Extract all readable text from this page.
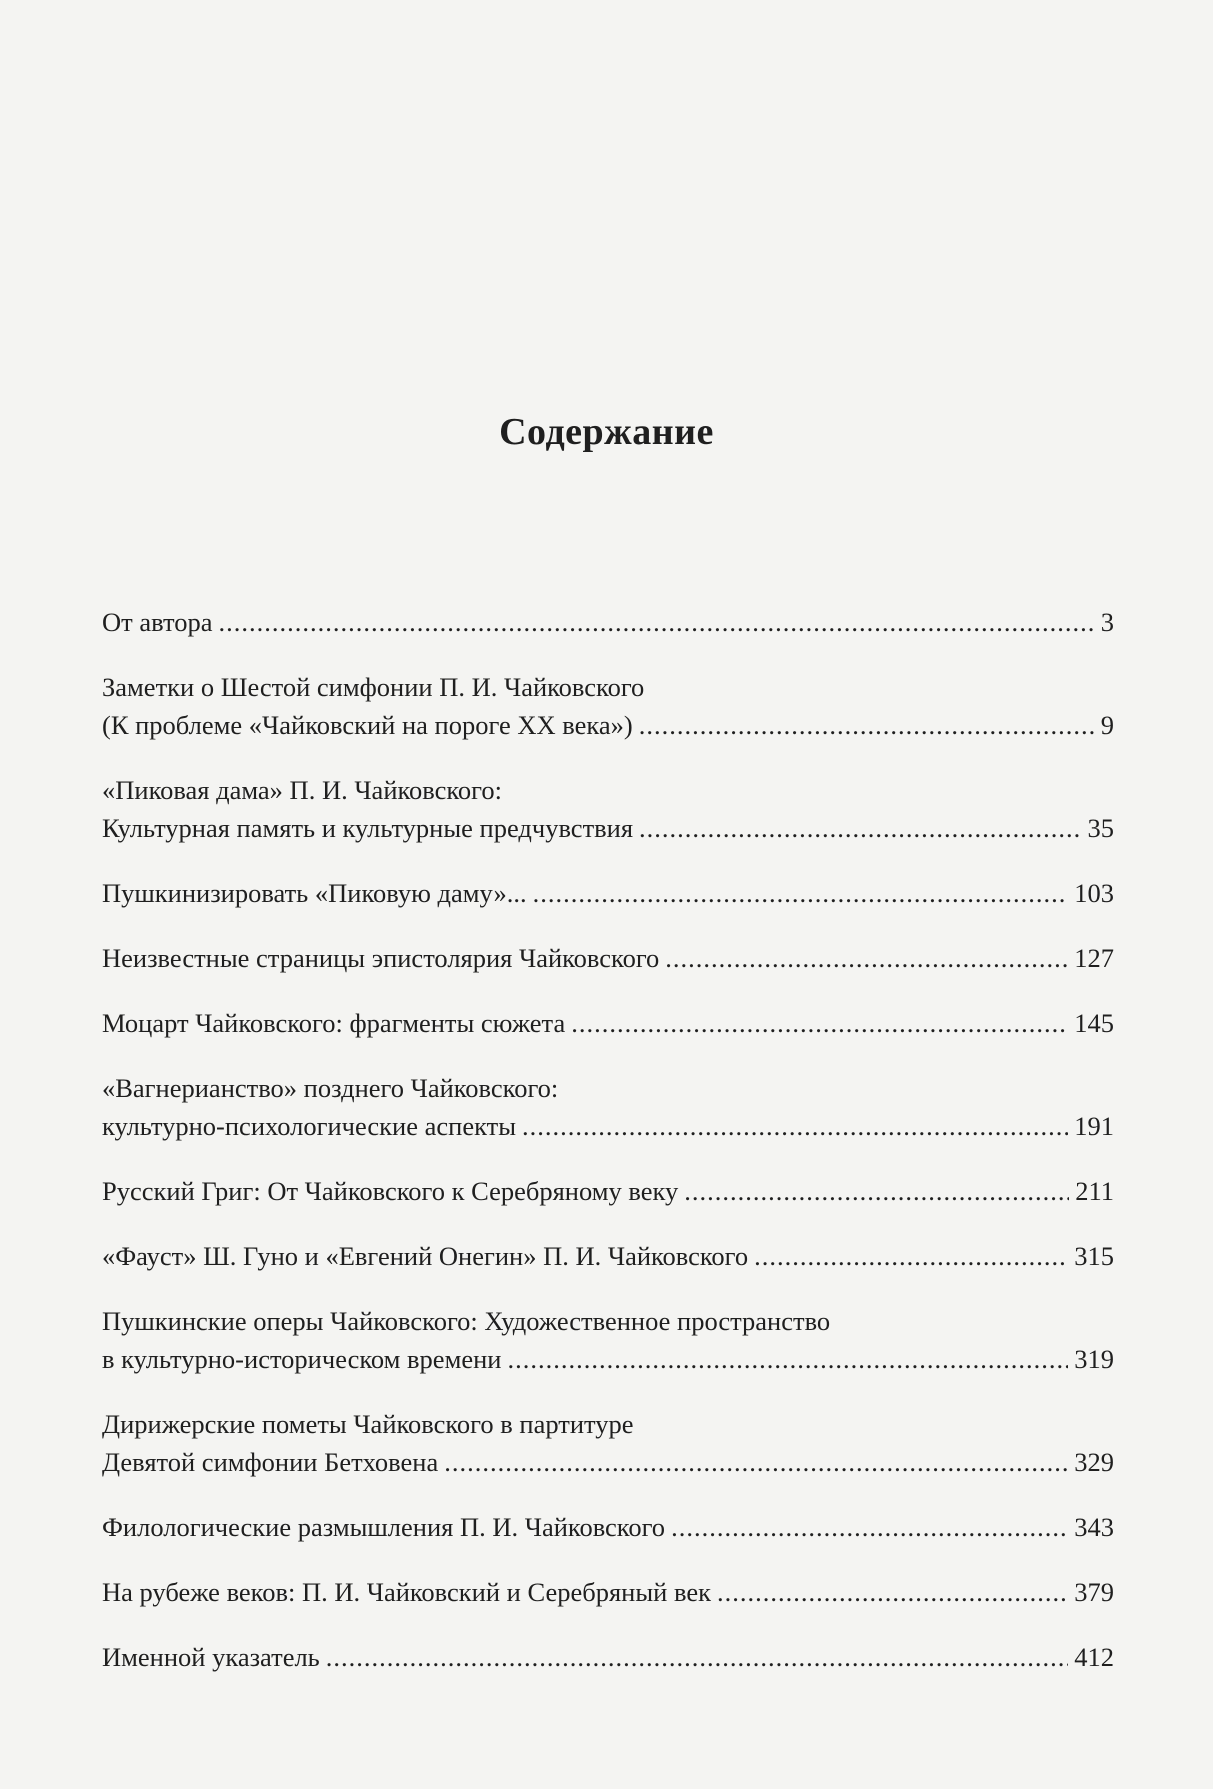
Содержание
От автора .....	3
Заметки о Шестой симфонии П. И. Чайковского
(К проблеме «Чайковский на пороге XX века») .....	9
«Пиковая дама» П. И. Чайковского:
Культурная память и культурные предчувствия .....	35
Пушкинизировать «Пиковую даму»... .....	103
Неизвестные страницы эпистолярия Чайковского .....	127
Моцарт Чайковского: фрагменты сюжета .....	145
«Вагнерианство» позднего Чайковского:
культурно-психологические аспекты .....	191
Русский Григ: От Чайковского к Серебряному веку .....	211
«Фауст» Ш. Гуно и «Евгений Онегин» П. И. Чайковского .....	315
Пушкинские оперы Чайковского: Художественное пространство
в культурно-историческом времени .....	319
Дирижерские пометы Чайковского в партитуре
Девятой симфонии Бетховена .....	329
Филологические размышления П. И. Чайковского .....	343
На рубеже веков: П. И. Чайковский и Серебряный век .....	379
Именной указатель .....	412
